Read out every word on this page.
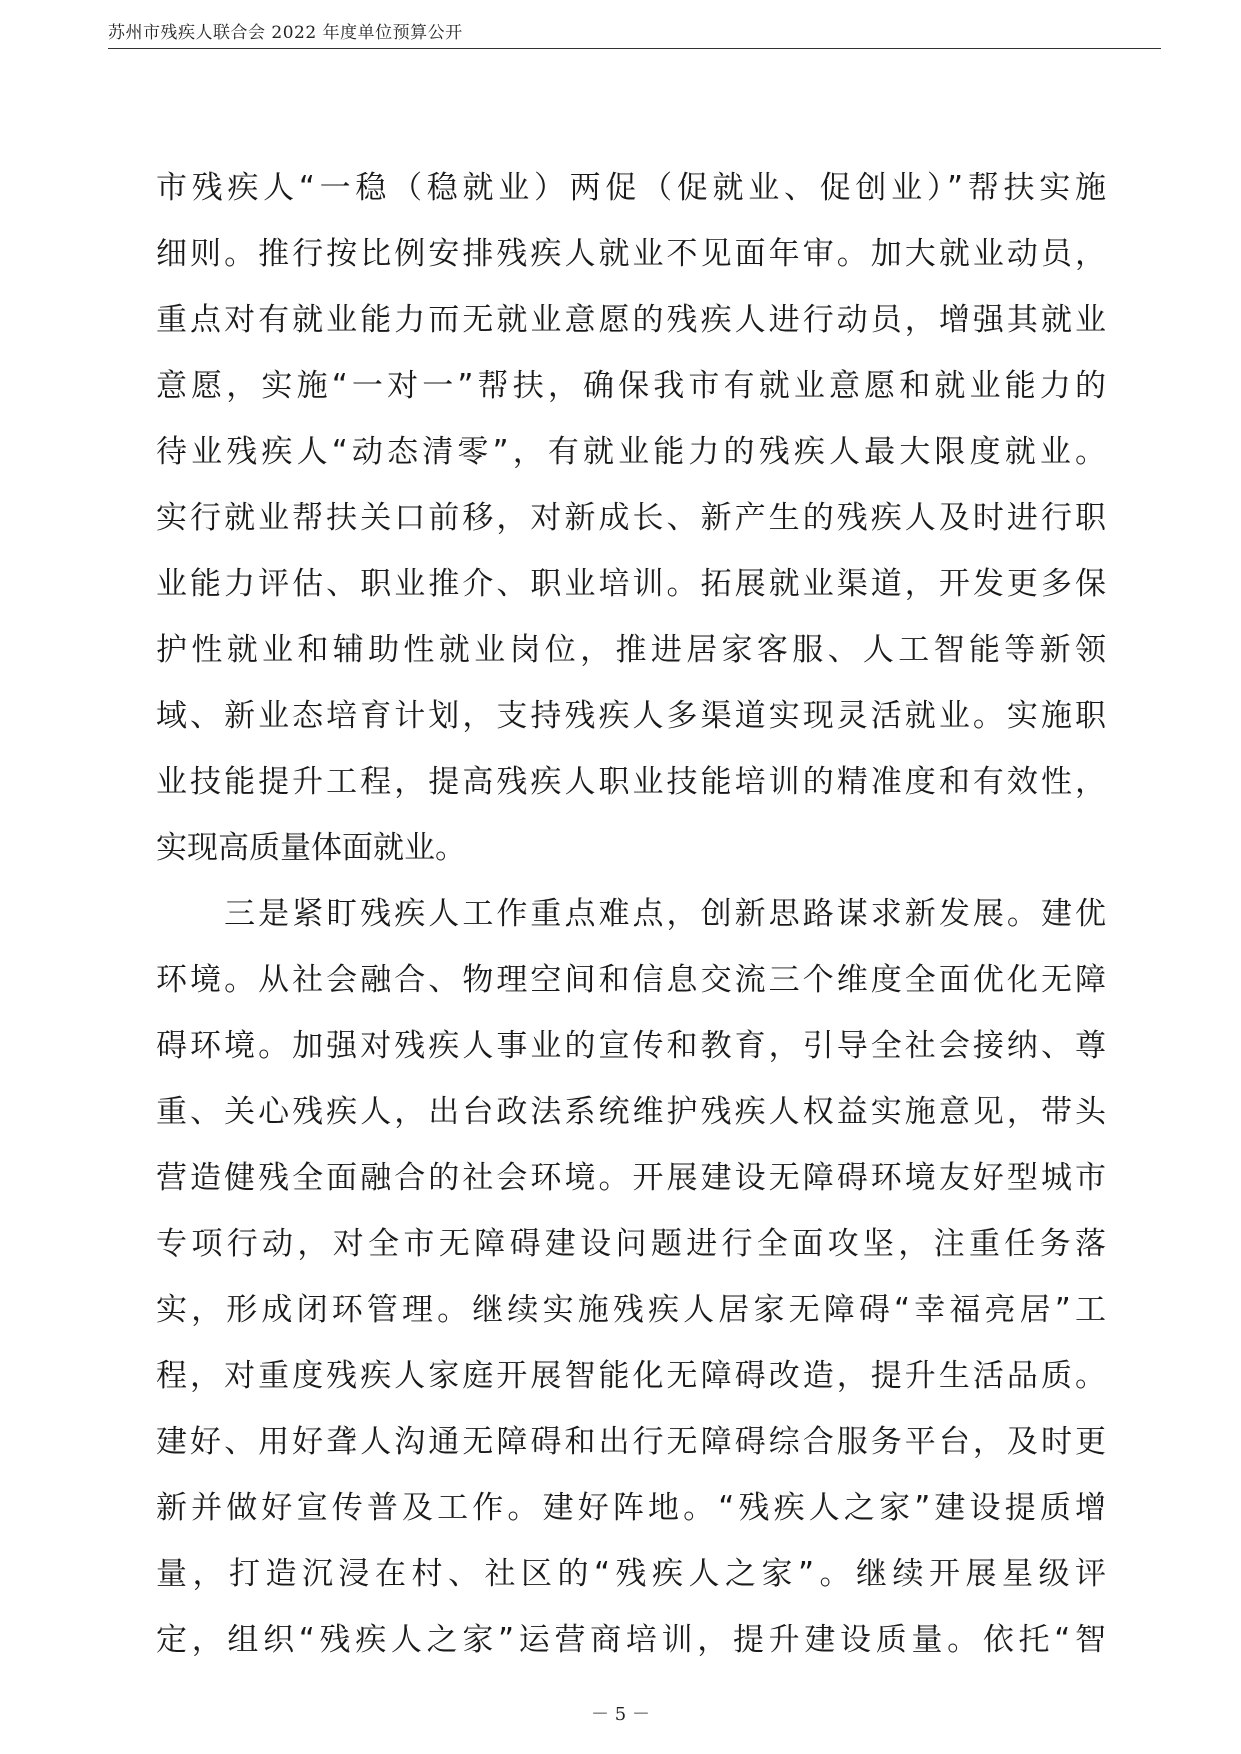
苏州市残疾人联合会 2022 年度单位预算公开
市残疾人“一稳（稳就业）两促（促就业、促创业）”帮扶实施
细则。推行按比例安排残疾人就业不见面年审。加大就业动员，
重点对有就业能力而无就业意愿的残疾人进行动员，增强其就业
意愿，实施“一对一”帮扶，确保我市有就业意愿和就业能力的
待业残疾人“动态清零”，有就业能力的残疾人最大限度就业。
实行就业帮扶关口前移，对新成长、新产生的残疾人及时进行职
业能力评估、职业推介、职业培训。拓展就业渠道，开发更多保
护性就业和辅助性就业岗位，推进居家客服、人工智能等新领
域、新业态培育计划，支持残疾人多渠道实现灵活就业。实施职
业技能提升工程，提高残疾人职业技能培训的精准度和有效性，
实现高质量体面就业。
　　三是紧盯残疾人工作重点难点，创新思路谋求新发展。建优
环境。从社会融合、物理空间和信息交流三个维度全面优化无障
碍环境。加强对残疾人事业的宣传和教育，引导全社会接纳、尊
重、关心残疾人，出台政法系统维护残疾人权益实施意见，带头
营造健残全面融合的社会环境。开展建设无障碍环境友好型城市
专项行动，对全市无障碍建设问题进行全面攻坚，注重任务落
实，形成闭环管理。继续实施残疾人居家无障碍“幸福亮居”工
程，对重度残疾人家庭开展智能化无障碍改造，提升生活品质。
建好、用好聋人沟通无障碍和出行无障碍综合服务平台，及时更
新并做好宣传普及工作。建好阵地。“残疾人之家”建设提质增
量，打造沉浸在村、社区的“残疾人之家”。继续开展星级评
定，组织“残疾人之家”运营商培训，提升建设质量。依托“智
－ 5 －
